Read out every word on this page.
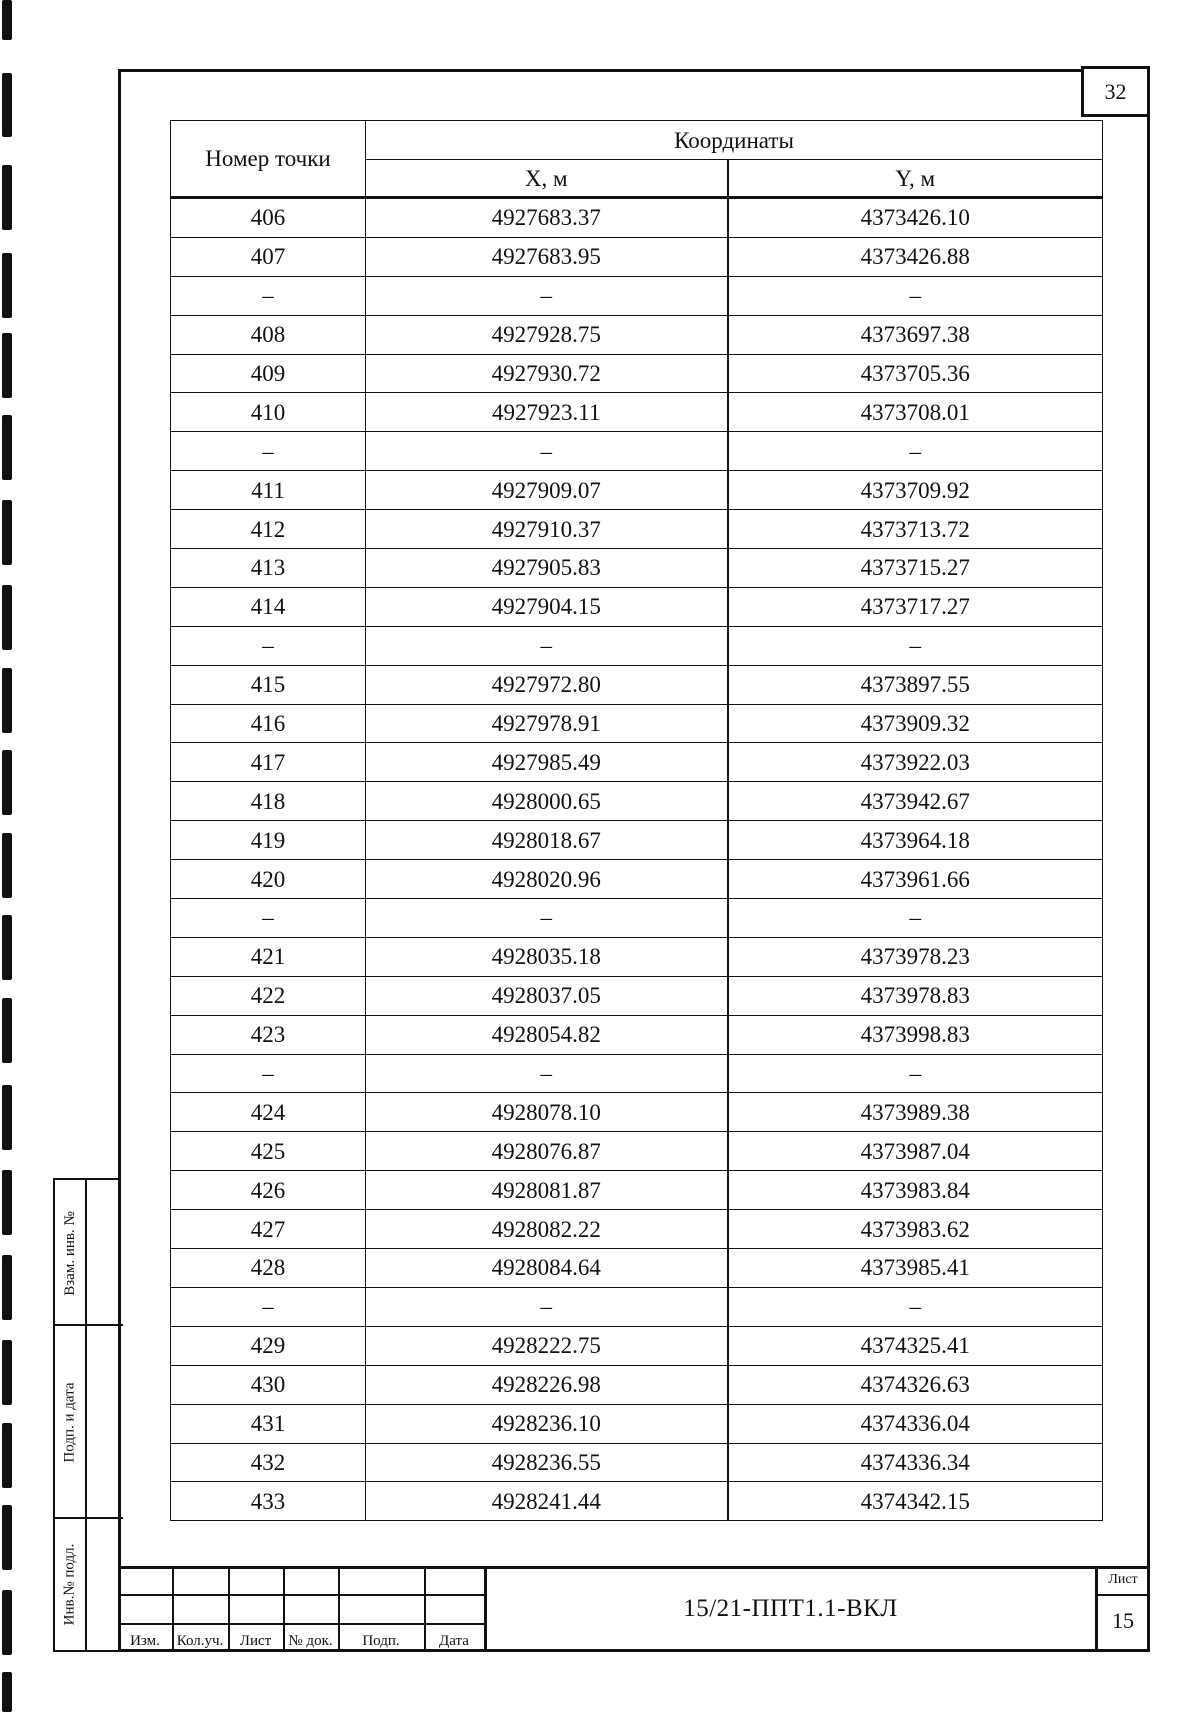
32
Номер точки	Координаты	
	X, м	Y, м
406	4927683.37	4373426.10
407	4927683.95	4373426.88
–	–	–
408	4927928.75	4373697.38
409	4927930.72	4373705.36
410	4927923.11	4373708.01
–	–	–
411	4927909.07	4373709.92
412	4927910.37	4373713.72
413	4927905.83	4373715.27
414	4927904.15	4373717.27
–	–	–
415	4927972.80	4373897.55
416	4927978.91	4373909.32
417	4927985.49	4373922.03
418	4928000.65	4373942.67
419	4928018.67	4373964.18
420	4928020.96	4373961.66
–	–	–
421	4928035.18	4373978.23
422	4928037.05	4373978.83
423	4928054.82	4373998.83
–	–	–
424	4928078.10	4373989.38
425	4928076.87	4373987.04
426	4928081.87	4373983.84
427	4928082.22	4373983.62
428	4928084.64	4373985.41
–	–	–
429	4928222.75	4374325.41
430	4928226.98	4374326.63
431	4928236.10	4374336.04
432	4928236.55	4374336.34
433	4928241.44	4374342.15
Взам. инв. №
Подп. и дата
Инв.№ подл.
Изм.	Кол.уч.	Лист	№ док.	Подп.	Дата
15/21-ППТ1.1-ВКЛ
Лист
15
